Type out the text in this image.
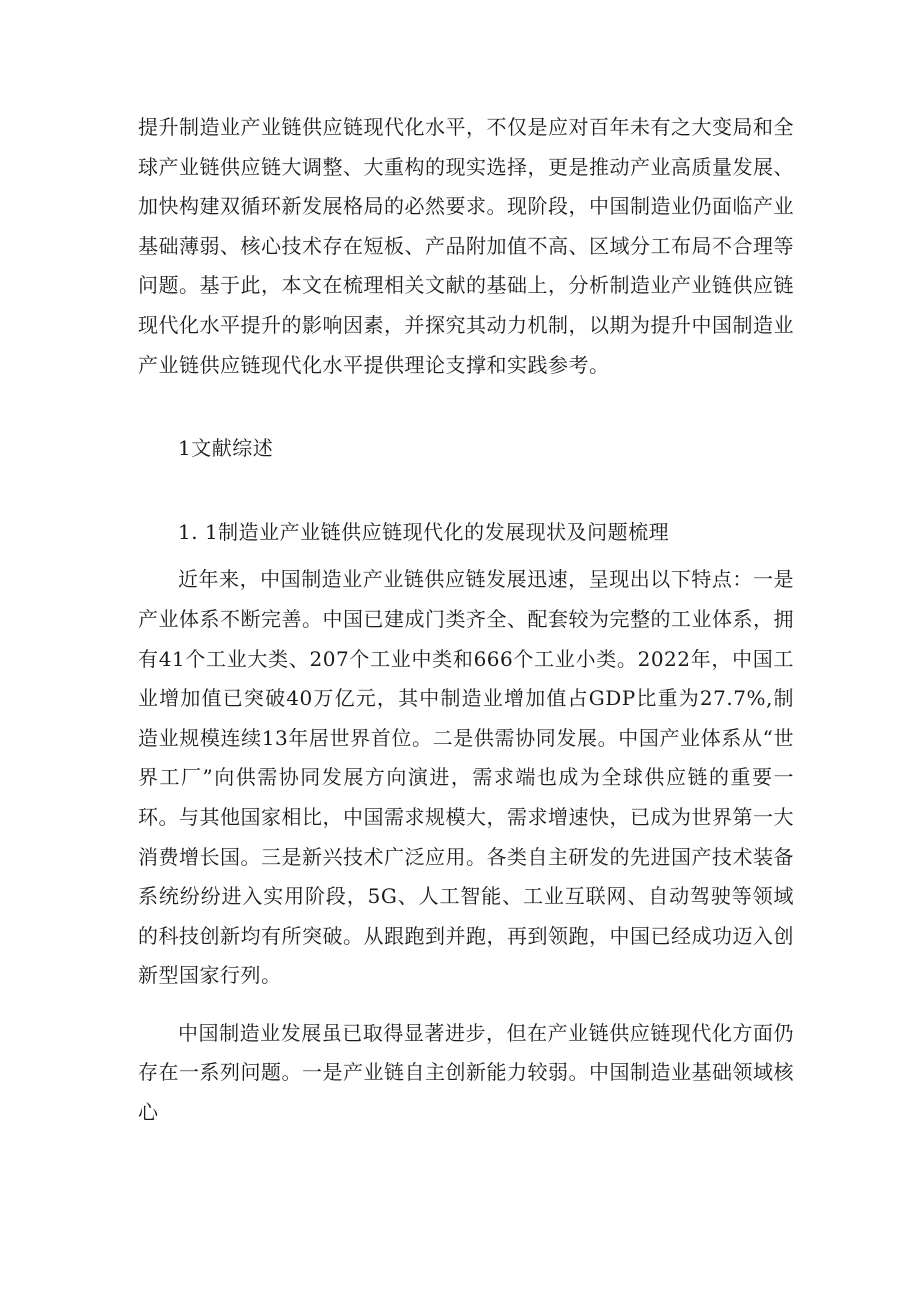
提升制造业产业链供应链现代化水平，不仅是应对百年未有之大变局和全球产业链供应链大调整、大重构的现实选择，更是推动产业高质量发展、加快构建双循环新发展格局的必然要求。现阶段，中国制造业仍面临产业基础薄弱、核心技术存在短板、产品附加值不高、区域分工布局不合理等问题。基于此，本文在梳理相关文献的基础上，分析制造业产业链供应链现代化水平提升的影响因素，并探究其动力机制，以期为提升中国制造业产业链供应链现代化水平提供理论支撑和实践参考。

1文献综述

1. 1制造业产业链供应链现代化的发展现状及问题梳理

近年来，中国制造业产业链供应链发展迅速，呈现出以下特点：一是产业体系不断完善。中国已建成门类齐全、配套较为完整的工业体系，拥有41个工业大类、207个工业中类和666个工业小类。2022年，中国工业增加值已突破40万亿元，其中制造业增加值占GDP比重为27.7%,制造业规模连续13年居世界首位。二是供需协同发展。中国产业体系从“世界工厂”向供需协同发展方向演进，需求端也成为全球供应链的重要一环。与其他国家相比，中国需求规模大，需求增速快，已成为世界第一大消费增长国。三是新兴技术广泛应用。各类自主研发的先进国产技术装备系统纷纷进入实用阶段，5G、人工智能、工业互联网、自动驾驶等领域的科技创新均有所突破。从跟跑到并跑，再到领跑，中国已经成功迈入创新型国家行列。

中国制造业发展虽已取得显著进步，但在产业链供应链现代化方面仍存在一系列问题。一是产业链自主创新能力较弱。中国制造业基础领域核心
